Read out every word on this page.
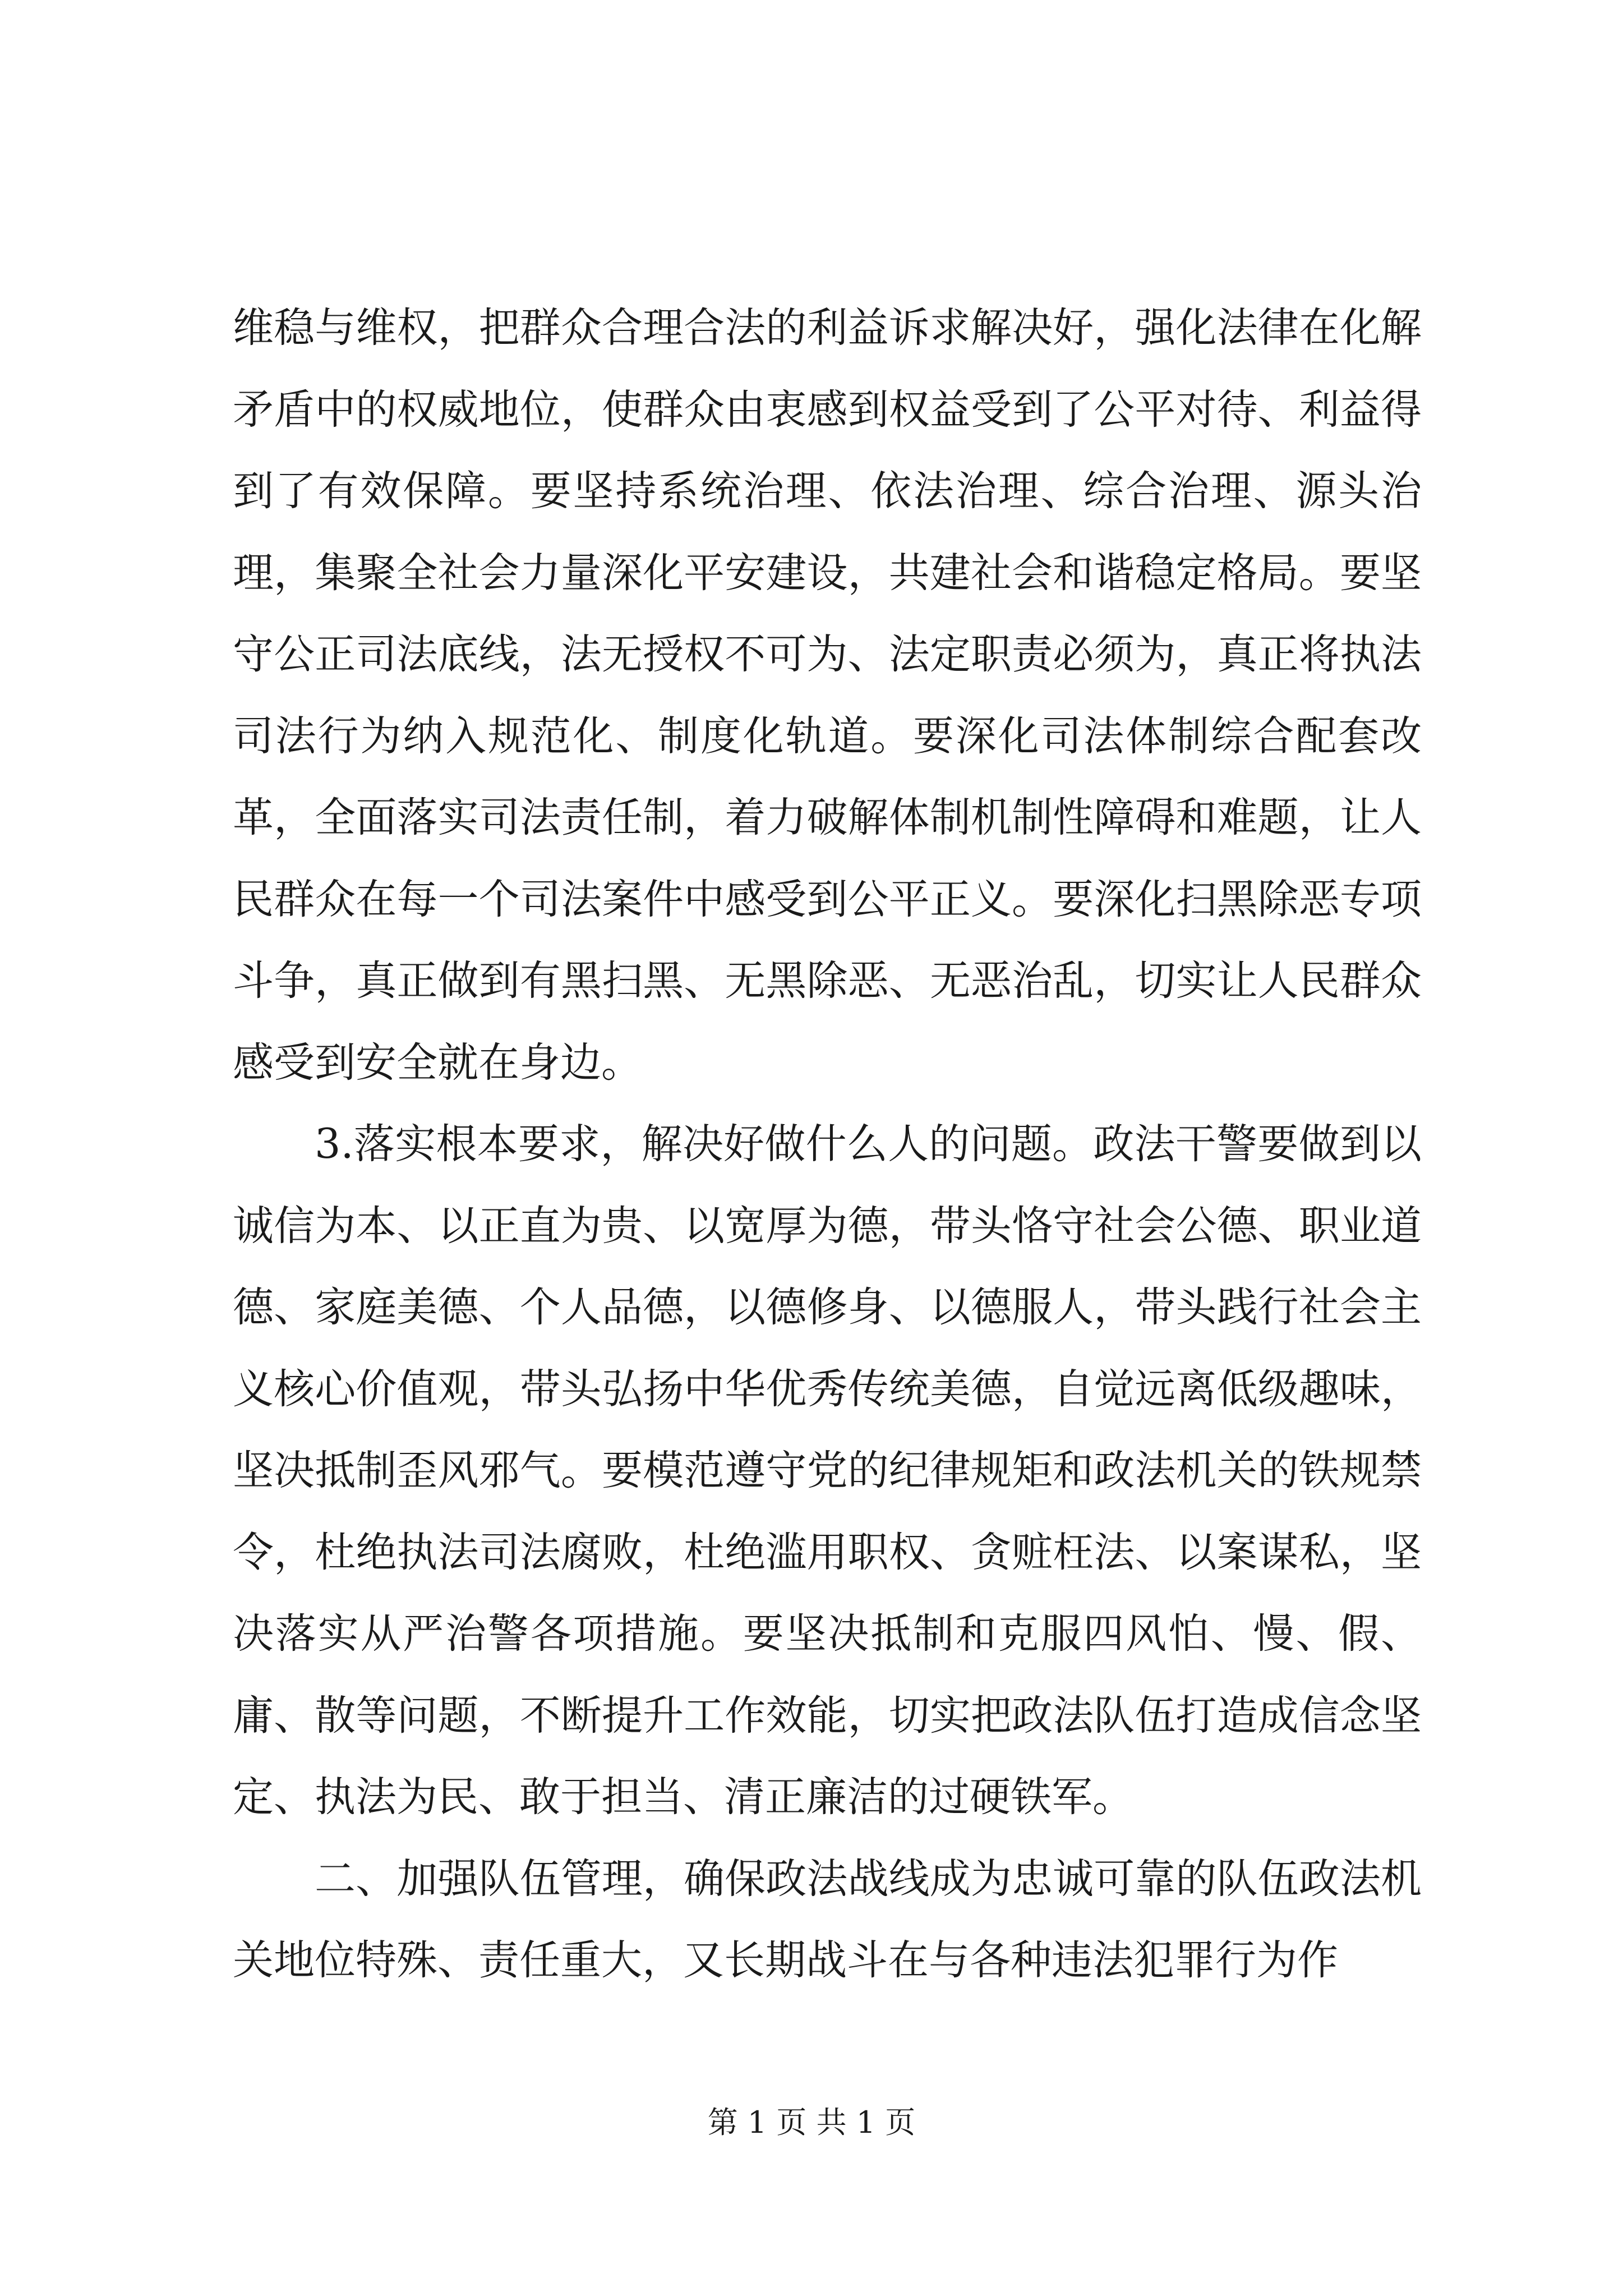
维稳与维权，把群众合理合法的利益诉求解决好，强化法律在化解矛盾中的权威地位，使群众由衷感到权益受到了公平对待、利益得到了有效保障。要坚持系统治理、依法治理、综合治理、源头治理，集聚全社会力量深化平安建设，共建社会和谐稳定格局。要坚守公正司法底线，法无授权不可为、法定职责必须为，真正将执法司法行为纳入规范化、制度化轨道。要深化司法体制综合配套改革，全面落实司法责任制，着力破解体制机制性障碍和难题，让人民群众在每一个司法案件中感受到公平正义。要深化扫黑除恶专项斗争，真正做到有黑扫黑、无黑除恶、无恶治乱，切实让人民群众感受到安全就在身边。

3.落实根本要求，解决好做什么人的问题。政法干警要做到以诚信为本、以正直为贵、以宽厚为德，带头恪守社会公德、职业道德、家庭美德、个人品德，以德修身、以德服人，带头践行社会主义核心价值观，带头弘扬中华优秀传统美德，自觉远离低级趣味，坚决抵制歪风邪气。要模范遵守党的纪律规矩和政法机关的铁规禁令，杜绝执法司法腐败，杜绝滥用职权、贪赃枉法、以案谋私，坚决落实从严治警各项措施。要坚决抵制和克服四风怕、慢、假、庸、散等问题，不断提升工作效能，切实把政法队伍打造成信念坚定、执法为民、敢于担当、清正廉洁的过硬铁军。

二、加强队伍管理，确保政法战线成为忠诚可靠的队伍政法机关地位特殊、责任重大，又长期战斗在与各种违法犯罪行为作

第 1 页 共 1 页
